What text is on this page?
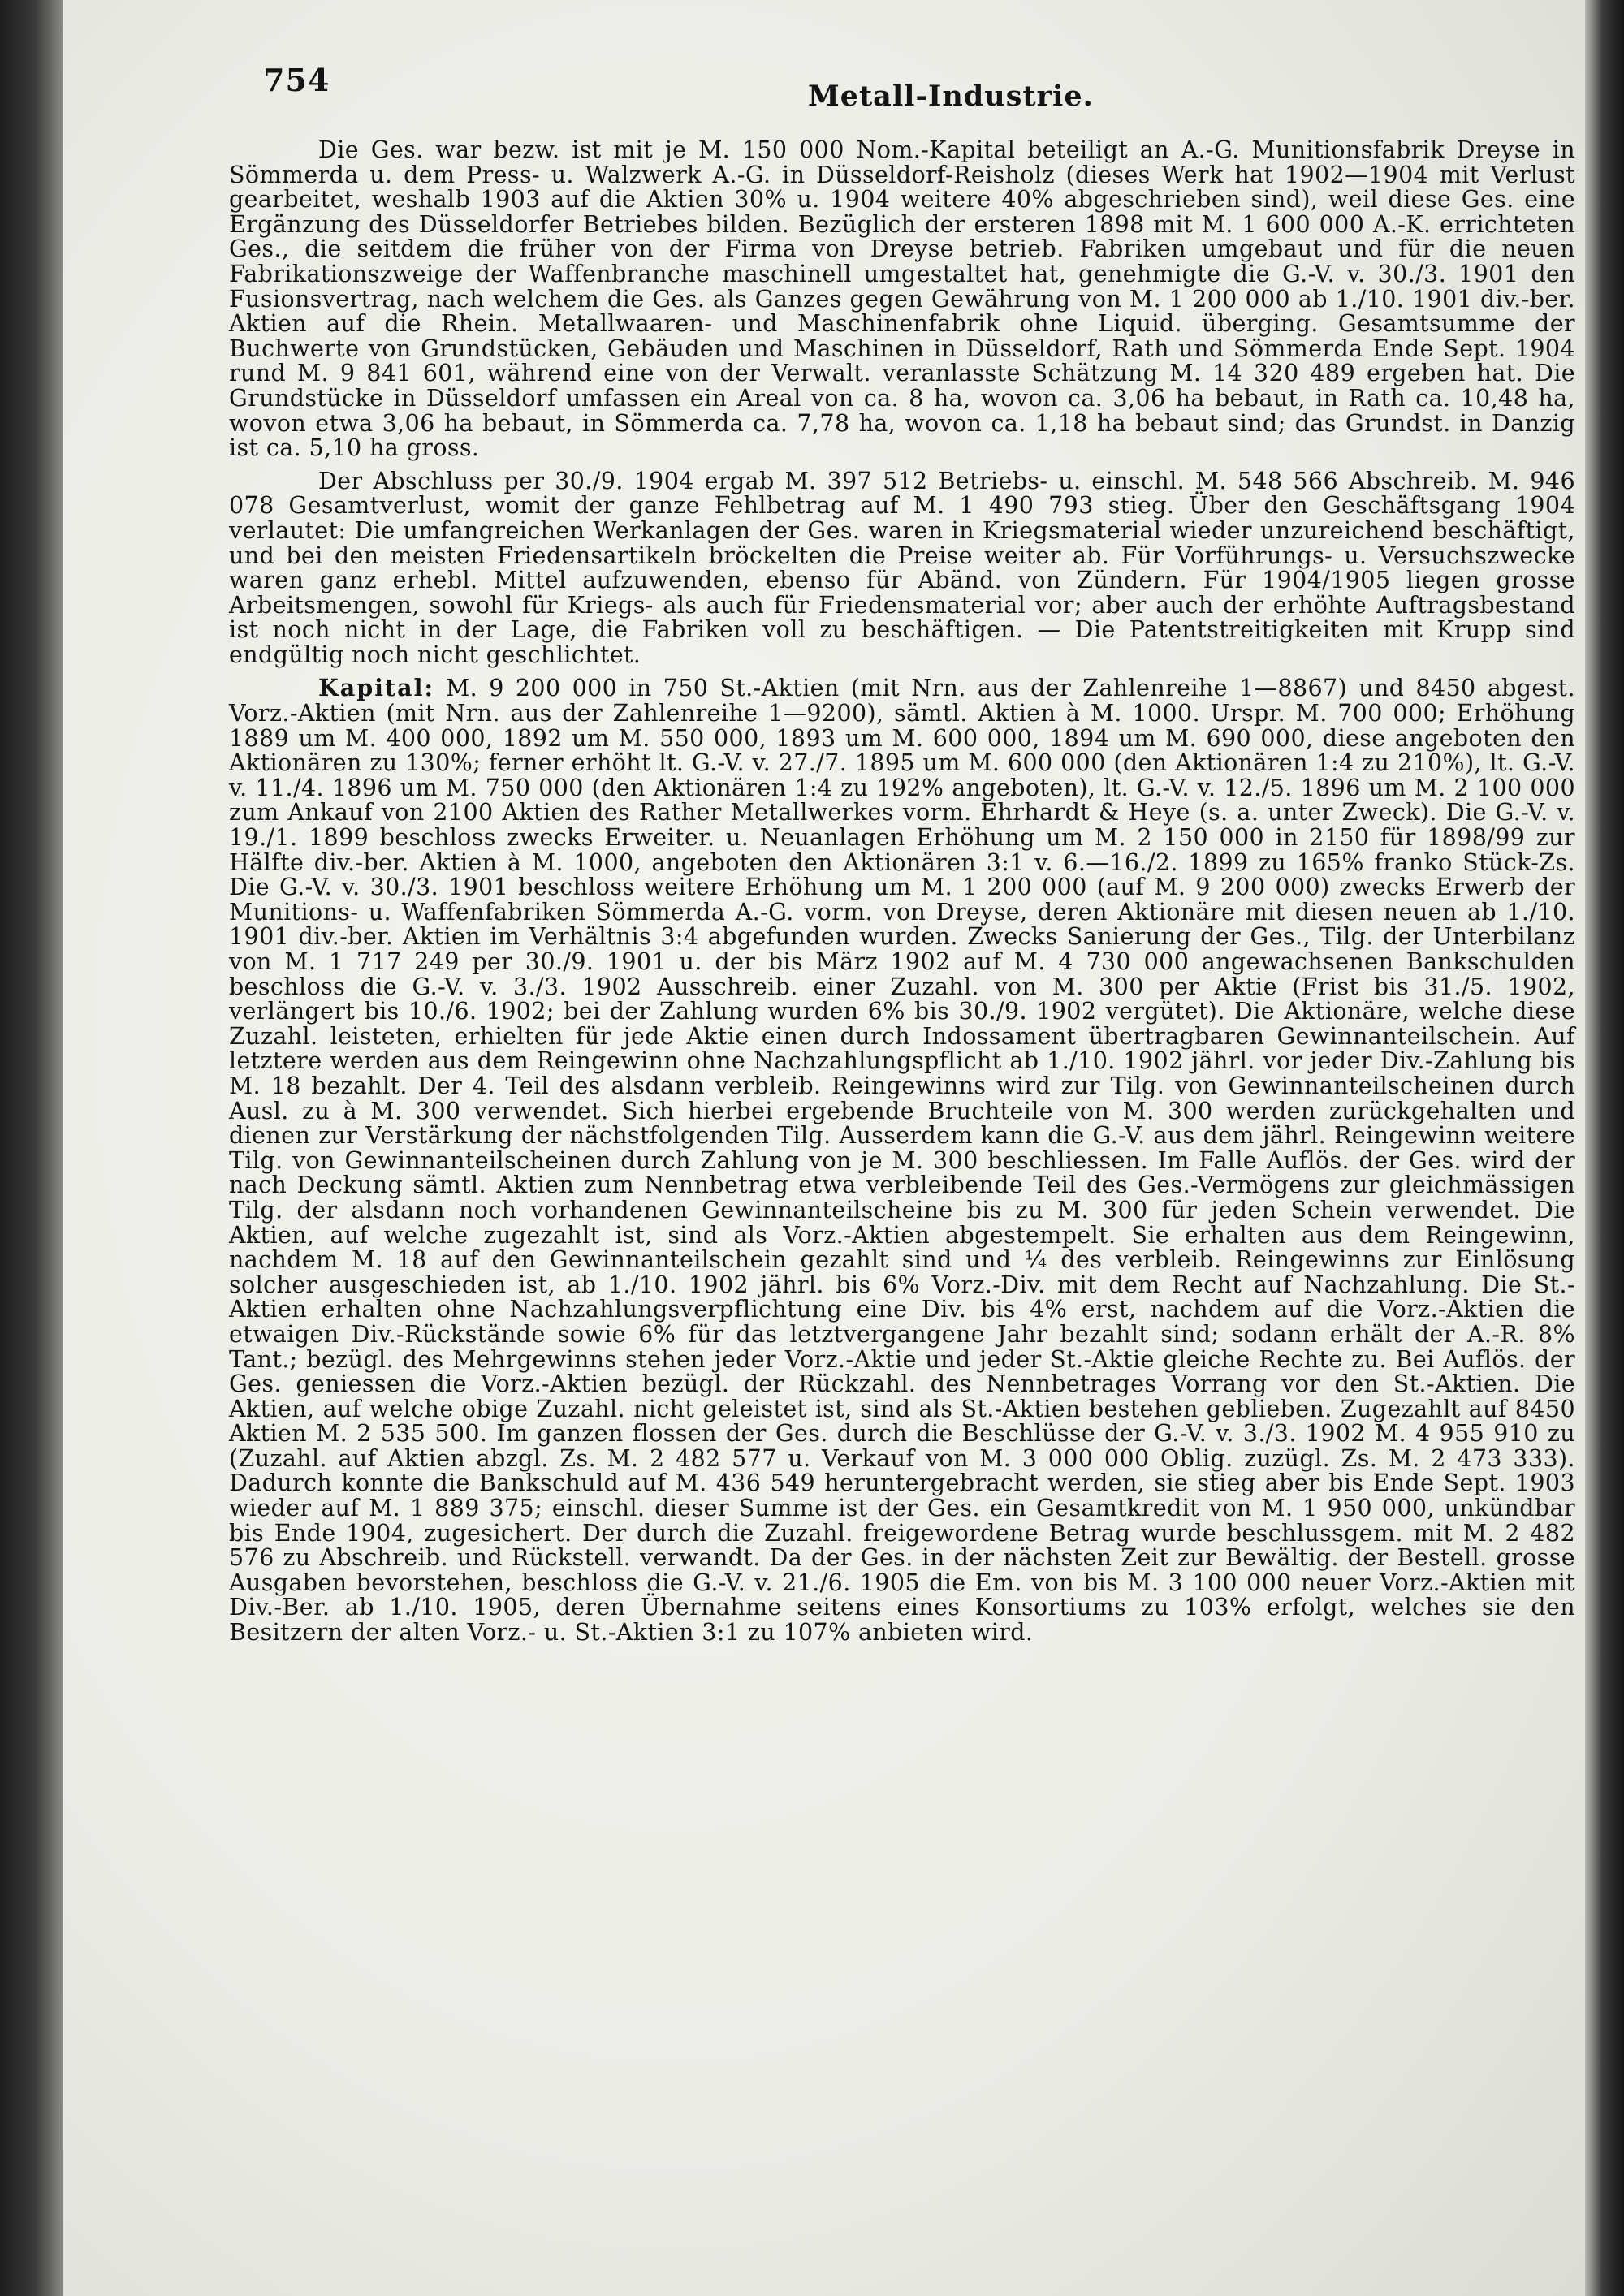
754	Metall-Industrie.

Die Ges. war bezw. ist mit je M. 150 000 Nom.-Kapital beteiligt an A.-G. Munitionsfabrik Dreyse in Sömmerda u. dem Press- u. Walzwerk A.-G. in Düsseldorf-Reisholz (dieses Werk hat 1902—1904 mit Verlust gearbeitet, weshalb 1903 auf die Aktien 30% u. 1904 weitere 40% abgeschrieben sind), weil diese Ges. eine Ergänzung des Düsseldorfer Betriebes bilden. Bezüglich der ersteren 1898 mit M. 1 600 000 A.-K. errichteten Ges., die seitdem die früher von der Firma von Dreyse betrieb. Fabriken umgebaut und für die neuen Fabrikationszweige der Waffenbranche maschinell umgestaltet hat, genehmigte die G.-V. v. 30./3. 1901 den Fusionsvertrag, nach welchem die Ges. als Ganzes gegen Gewährung von M. 1 200 000 ab 1./10. 1901 div.-ber. Aktien auf die Rhein. Metallwaaren- und Maschinenfabrik ohne Liquid. überging. Gesamtsumme der Buchwerte von Grundstücken, Gebäuden und Maschinen in Düsseldorf, Rath und Sömmerda Ende Sept. 1904 rund M. 9 841 601, während eine von der Verwalt. veranlasste Schätzung M. 14 320 489 ergeben hat. Die Grundstücke in Düsseldorf umfassen ein Areal von ca. 8 ha, wovon ca. 3,06 ha bebaut, in Rath ca. 10,48 ha, wovon etwa 3,06 ha bebaut, in Sömmerda ca. 7,78 ha, wovon ca. 1,18 ha bebaut sind; das Grundst. in Danzig ist ca. 5,10 ha gross.

Der Abschluss per 30./9. 1904 ergab M. 397 512 Betriebs- u. einschl. M. 548 566 Abschreib. M. 946 078 Gesamtverlust, womit der ganze Fehlbetrag auf M. 1 490 793 stieg. Über den Geschäftsgang 1904 verlautet: Die umfangreichen Werkanlagen der Ges. waren in Kriegsmaterial wieder unzureichend beschäftigt, und bei den meisten Friedensartikeln bröckelten die Preise weiter ab. Für Vorführungs- u. Versuchszwecke waren ganz erhebl. Mittel aufzuwenden, ebenso für Abänd. von Zündern. Für 1904/1905 liegen grosse Arbeitsmengen, sowohl für Kriegs- als auch für Friedensmaterial vor; aber auch der erhöhte Auftragsbestand ist noch nicht in der Lage, die Fabriken voll zu beschäftigen. — Die Patentstreitigkeiten mit Krupp sind endgültig noch nicht geschlichtet.

Kapital: M. 9 200 000 in 750 St.-Aktien (mit Nrn. aus der Zahlenreihe 1—8867) und 8450 abgest. Vorz.-Aktien (mit Nrn. aus der Zahlenreihe 1—9200), sämtl. Aktien à M. 1000. Urspr. M. 700 000; Erhöhung 1889 um M. 400 000, 1892 um M. 550 000, 1893 um M. 600 000, 1894 um M. 690 000, diese angeboten den Aktionären zu 130%; ferner erhöht lt. G.-V. v. 27./7. 1895 um M. 600 000 (den Aktionären 1:4 zu 210%), lt. G.-V. v. 11./4. 1896 um M. 750 000 (den Aktionären 1:4 zu 192% angeboten), lt. G.-V. v. 12./5. 1896 um M. 2 100 000 zum Ankauf von 2100 Aktien des Rather Metallwerkes vorm. Ehrhardt & Heye (s. a. unter Zweck). Die G.-V. v. 19./1. 1899 beschloss zwecks Erweiter. u. Neuanlagen Erhöhung um M. 2 150 000 in 2150 für 1898/99 zur Hälfte div.-ber. Aktien à M. 1000, angeboten den Aktionären 3:1 v. 6.—16./2. 1899 zu 165% franko Stück-Zs. Die G.-V. v. 30./3. 1901 beschloss weitere Erhöhung um M. 1 200 000 (auf M. 9 200 000) zwecks Erwerb der Munitions- u. Waffenfabriken Sömmerda A.-G. vorm. von Dreyse, deren Aktionäre mit diesen neuen ab 1./10. 1901 div.-ber. Aktien im Verhältnis 3:4 abgefunden wurden. Zwecks Sanierung der Ges., Tilg. der Unterbilanz von M. 1 717 249 per 30./9. 1901 u. der bis März 1902 auf M. 4 730 000 angewachsenen Bankschulden beschloss die G.-V. v. 3./3. 1902 Ausschreib. einer Zuzahl. von M. 300 per Aktie (Frist bis 31./5. 1902, verlängert bis 10./6. 1902; bei der Zahlung wurden 6% bis 30./9. 1902 vergütet). Die Aktionäre, welche diese Zuzahl. leisteten, erhielten für jede Aktie einen durch Indossament übertragbaren Gewinnanteilschein. Auf letztere werden aus dem Reingewinn ohne Nachzahlungspflicht ab 1./10. 1902 jährl. vor jeder Div.-Zahlung bis M. 18 bezahlt. Der 4. Teil des alsdann verbleib. Reingewinns wird zur Tilg. von Gewinnanteilscheinen durch Ausl. zu à M. 300 verwendet. Sich hierbei ergebende Bruchteile von M. 300 werden zurückgehalten und dienen zur Verstärkung der nächstfolgenden Tilg. Ausserdem kann die G.-V. aus dem jährl. Reingewinn weitere Tilg. von Gewinnanteilscheinen durch Zahlung von je M. 300 beschliessen. Im Falle Auflös. der Ges. wird der nach Deckung sämtl. Aktien zum Nennbetrag etwa verbleibende Teil des Ges.-Vermögens zur gleichmässigen Tilg. der alsdann noch vorhandenen Gewinnanteilscheine bis zu M. 300 für jeden Schein verwendet. Die Aktien, auf welche zugezahlt ist, sind als Vorz.-Aktien abgestempelt. Sie erhalten aus dem Reingewinn, nachdem M. 18 auf den Gewinnanteilschein gezahlt sind und ¼ des verbleib. Reingewinns zur Einlösung solcher ausgeschieden ist, ab 1./10. 1902 jährl. bis 6% Vorz.-Div. mit dem Recht auf Nachzahlung. Die St.-Aktien erhalten ohne Nachzahlungsverpflichtung eine Div. bis 4% erst, nachdem auf die Vorz.-Aktien die etwaigen Div.-Rückstände sowie 6% für das letztvergangene Jahr bezahlt sind; sodann erhält der A.-R. 8% Tant.; bezügl. des Mehrgewinns stehen jeder Vorz.-Aktie und jeder St.-Aktie gleiche Rechte zu. Bei Auflös. der Ges. geniessen die Vorz.-Aktien bezügl. der Rückzahl. des Nennbetrages Vorrang vor den St.-Aktien. Die Aktien, auf welche obige Zuzahl. nicht geleistet ist, sind als St.-Aktien bestehen geblieben. Zugezahlt auf 8450 Aktien M. 2 535 500. Im ganzen flossen der Ges. durch die Beschlüsse der G.-V. v. 3./3. 1902 M. 4 955 910 zu (Zuzahl. auf Aktien abzgl. Zs. M. 2 482 577 u. Verkauf von M. 3 000 000 Oblig. zuzügl. Zs. M. 2 473 333). Dadurch konnte die Bankschuld auf M. 436 549 heruntergebracht werden, sie stieg aber bis Ende Sept. 1903 wieder auf M. 1 889 375; einschl. dieser Summe ist der Ges. ein Gesamtkredit von M. 1 950 000, unkündbar bis Ende 1904, zugesichert. Der durch die Zuzahl. freigewordene Betrag wurde beschlussgem. mit M. 2 482 576 zu Abschreib. und Rückstell. verwandt. Da der Ges. in der nächsten Zeit zur Bewältig. der Bestell. grosse Ausgaben bevorstehen, beschloss die G.-V. v. 21./6. 1905 die Em. von bis M. 3 100 000 neuer Vorz.-Aktien mit Div.-Ber. ab 1./10. 1905, deren Übernahme seitens eines Konsortiums zu 103% erfolgt, welches sie den Besitzern der alten Vorz.- u. St.-Aktien 3:1 zu 107% anbieten wird.
